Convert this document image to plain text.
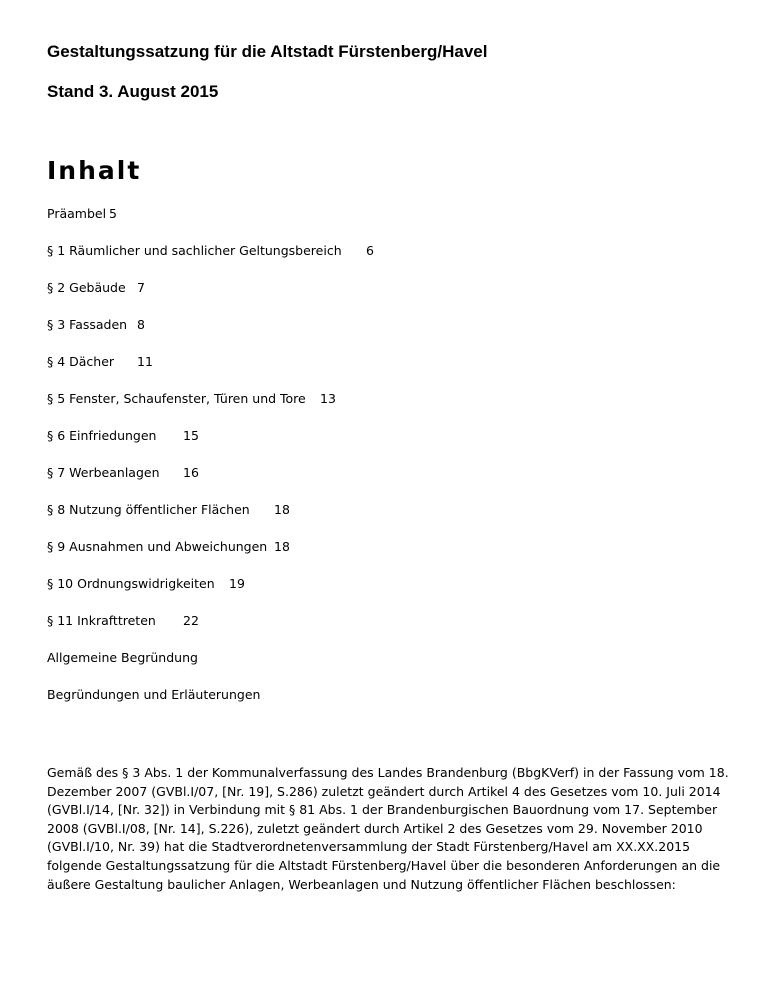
Gestaltungssatzung für die Altstadt Fürstenberg/Havel
Stand 3. August 2015
Inhalt
Präambel 5
§ 1 Räumlicher und sachlicher Geltungsbereich 6
§ 2 Gebäude 7
§ 3 Fassaden 8
§ 4 Dächer 11
§ 5 Fenster, Schaufenster, Türen und Tore 13
§ 6 Einfriedungen 15
§ 7 Werbeanlagen 16
§ 8 Nutzung öffentlicher Flächen 18
§ 9 Ausnahmen und Abweichungen 18
§ 10 Ordnungswidrigkeiten 19
§ 11 Inkrafttreten 22
Allgemeine Begründung
Begründungen und Erläuterungen
Gemäß des § 3 Abs. 1 der Kommunalverfassung des Landes Brandenburg (BbgKVerf) in der Fassung vom 18. Dezember 2007 (GVBl.I/07, [Nr. 19], S.286) zuletzt geändert durch Artikel 4 des Gesetzes vom 10. Juli 2014 (GVBl.I/14, [Nr. 32]) in Verbindung mit § 81 Abs. 1 der Brandenburgischen Bauordnung vom 17. September 2008 (GVBl.I/08, [Nr. 14], S.226), zuletzt geändert durch Artikel 2 des Gesetzes vom 29. November 2010 (GVBl.I/10, Nr. 39) hat die Stadtverordnetenversammlung der Stadt Fürstenberg/Havel am XX.XX.2015 folgende Gestaltungssatzung für die Altstadt Fürstenberg/Havel über die besonderen Anforderungen an die äußere Gestaltung baulicher Anlagen, Werbeanlagen und Nutzung öffentlicher Flächen beschlossen:
